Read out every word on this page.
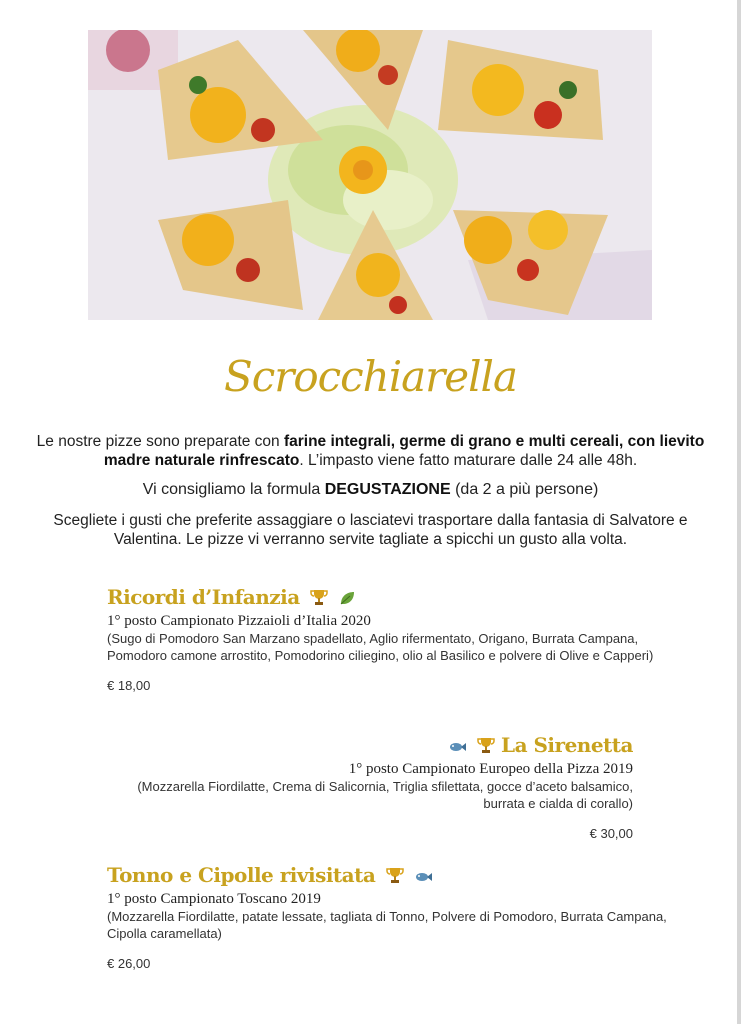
Scrocchiarella
Le nostre pizze sono preparate con farine integrali, germe di grano e multi cereali, con lievito madre naturale rinfrescato. L’impasto viene fatto maturare dalle 24 alle 48h.
Vi consigliamo la formula DEGUSTAZIONE (da 2 a più persone)
Scegliete i gusti che preferite assaggiare o lasciatevi trasportare dalla fantasia di Salvatore e Valentina. Le pizze vi verranno servite tagliate a spicchi un gusto alla volta.
Ricordi d’Infanzia
1° posto Campionato Pizzaioli d’Italia 2020
(Sugo di Pomodoro San Marzano spadellato, Aglio rifermentato, Origano, Burrata Campana, Pomodoro camone arrostito, Pomodorino ciliegino, olio al Basilico e polvere di Olive e Capperi)
€ 18,00
La Sirenetta
1° posto Campionato Europeo della Pizza 2019
(Mozzarella Fiordilatte, Crema di Salicornia, Triglia sfilettata, gocce d’aceto balsamico, burrata e cialda di corallo)
€ 30,00
Tonno e Cipolle rivisitata
1° posto Campionato Toscano 2019
(Mozzarella Fiordilatte, patate lessate, tagliata di Tonno, Polvere di Pomodoro, Burrata Campana, Cipolla caramellata)
€ 26,00
